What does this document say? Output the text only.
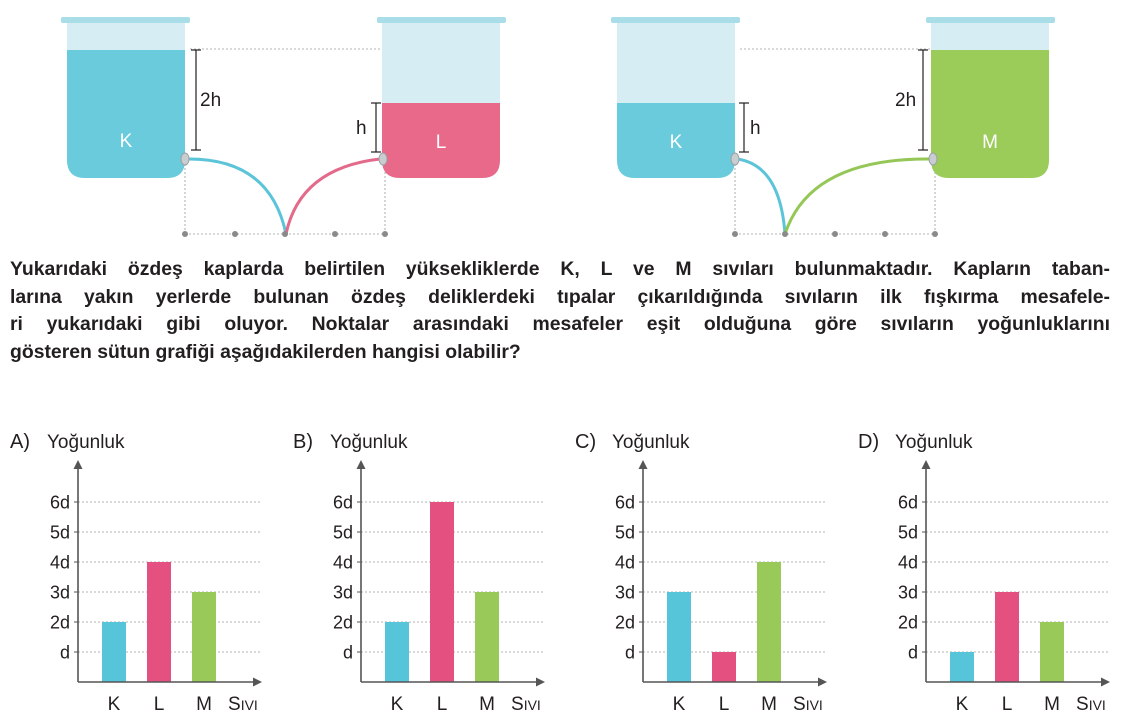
K
2h
L
h
K
h
M
2h

Yukarıdaki özdeş kaplarda belirtilen yüksekliklerde K, L ve M sıvıları bulunmaktadır. Kapların taban-
larına yakın yerlerde bulunan özdeş deliklerdeki tıpalar çıkarıldığında sıvıların ilk fışkırma mesafele-
ri yukarıdaki gibi oluyor. Noktalar arasındaki mesafeler eşit olduğuna göre sıvıların yoğunluklarını
gösteren sütun grafiği aşağıdakilerden hangisi olabilir?

A) Yoğunluk
d
2d
3d
4d
5d
6d
K L M SIVI
B) Yoğunluk
d
2d
3d
4d
5d
6d
K L M SIVI
C) Yoğunluk
d
2d
3d
4d
5d
6d
K L M SIVI
D) Yoğunluk
d
2d
3d
4d
5d
6d
K L M SIVI
